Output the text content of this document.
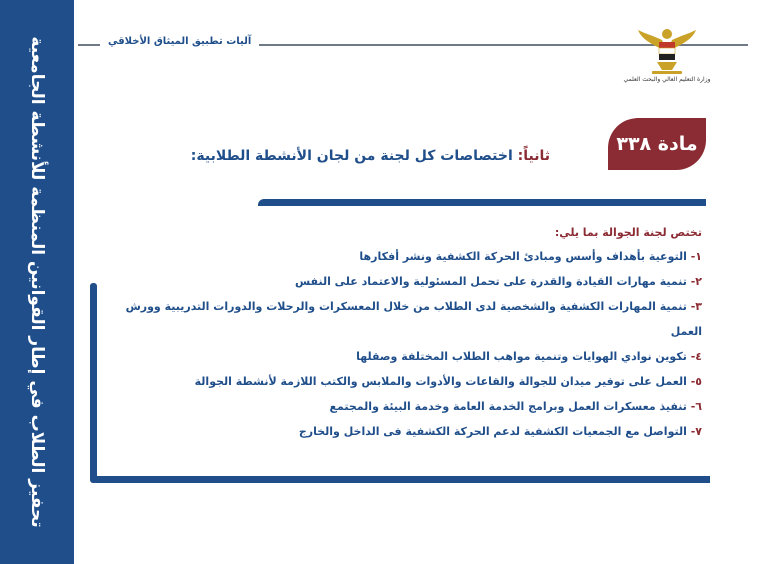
تحفيز الطلاب في إطار القوانين المنظمة للأنشطة الجامعية	آليات تطبيق الميثاق الأخلاقي
وزارة التعليم العالي والبحث العلمي
مادة ٣٣٨
ثانياً: اختصاصات كل لجنة من لجان الأنشطة الطلابية:
تختص لجنة الجوالة بما يلي:
١- التوعية بأهداف وأسس ومبادئ الحركة الكشفية ونشر أفكارها
٢- تنمية مهارات القيادة والقدرة على تحمل المسئولية والاعتماد على النفس
٣- تنمية المهارات الكشفية والشخصية لدى الطلاب من خلال المعسكرات والرحلات والدورات التدريبية وورش العمل
٤- تكوين نوادي الهوايات وتنمية مواهب الطلاب المختلفة وصقلها
٥- العمل على توفير ميدان للجوالة والقاعات والأدوات والملابس والكتب اللازمة لأنشطة الجوالة
٦- تنفيذ معسكرات العمل وبرامج الخدمة العامة وخدمة البيئة والمجتمع
٧- التواصل مع الجمعيات الكشفية لدعم الحركة الكشفية فى الداخل والخارج
